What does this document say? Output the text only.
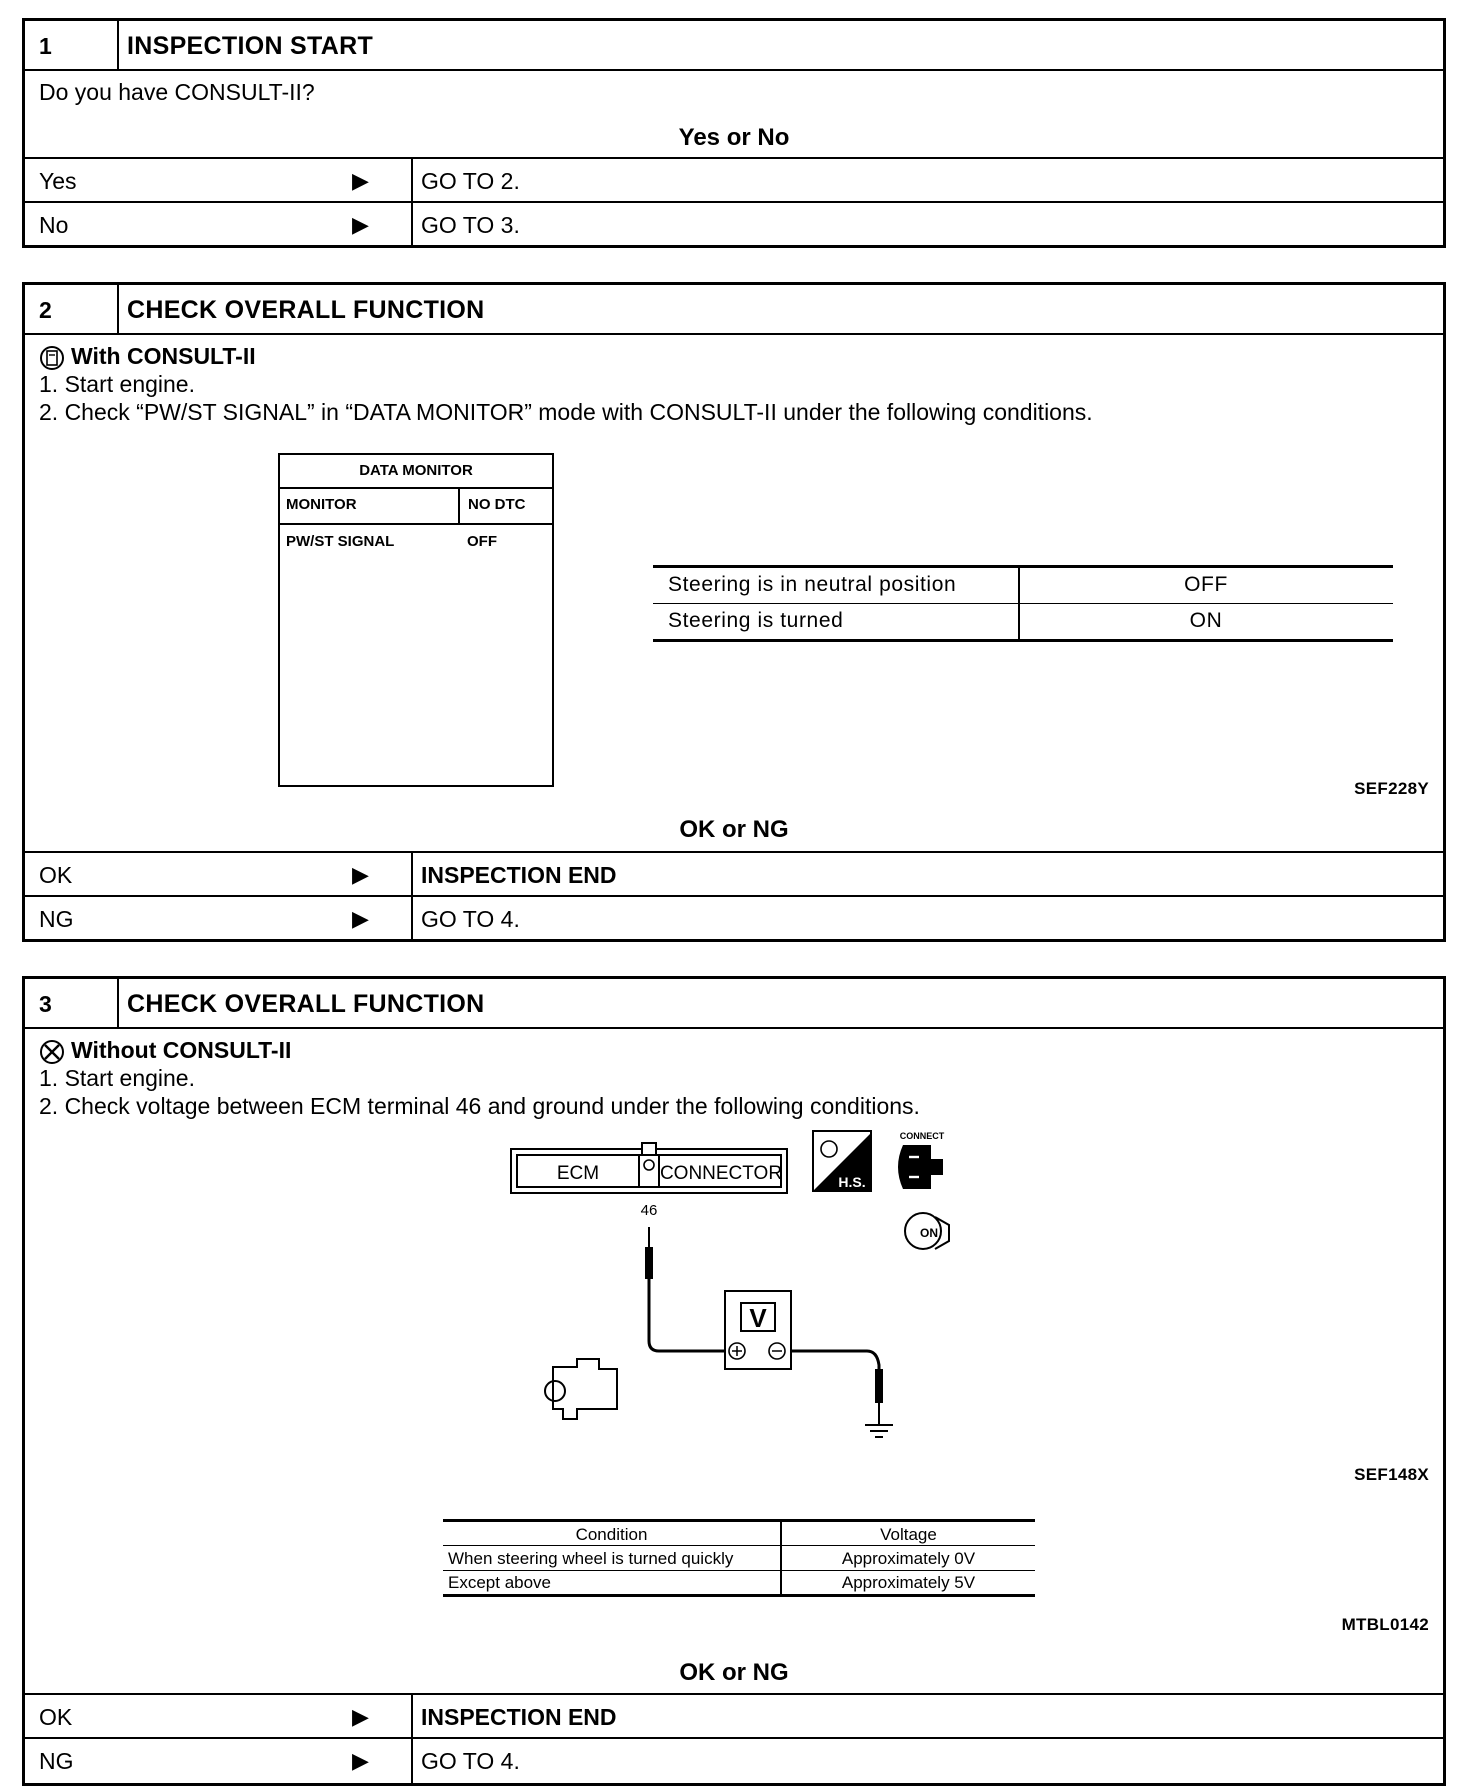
1	INSPECTION START
Do you have CONSULT-II?
Yes or No
Yes	▶ GO TO 2.
No	▶ GO TO 3.
2	CHECK OVERALL FUNCTION
With CONSULT-II
1. Start engine.
2. Check “PW/ST SIGNAL” in “DATA MONITOR” mode with CONSULT-II under the following conditions.
DATA MONITOR
MONITOR	NO DTC
PW/ST SIGNAL	OFF
Steering is in neutral position	OFF
Steering is turned	ON
SEF228Y
OK or NG
OK	▶ INSPECTION END
NG	▶ GO TO 4.
3	CHECK OVERALL FUNCTION
Without CONSULT-II
1. Start engine.
2. Check voltage between ECM terminal 46 and ground under the following conditions.
ECM	CONNECTOR
46
V
H.S.
CONNECT
ON
SEF148X
Condition	Voltage
When steering wheel is turned quickly	Approximately 0V
Except above	Approximately 5V
MTBL0142
OK or NG
OK	▶ INSPECTION END
NG	▶ GO TO 4.
